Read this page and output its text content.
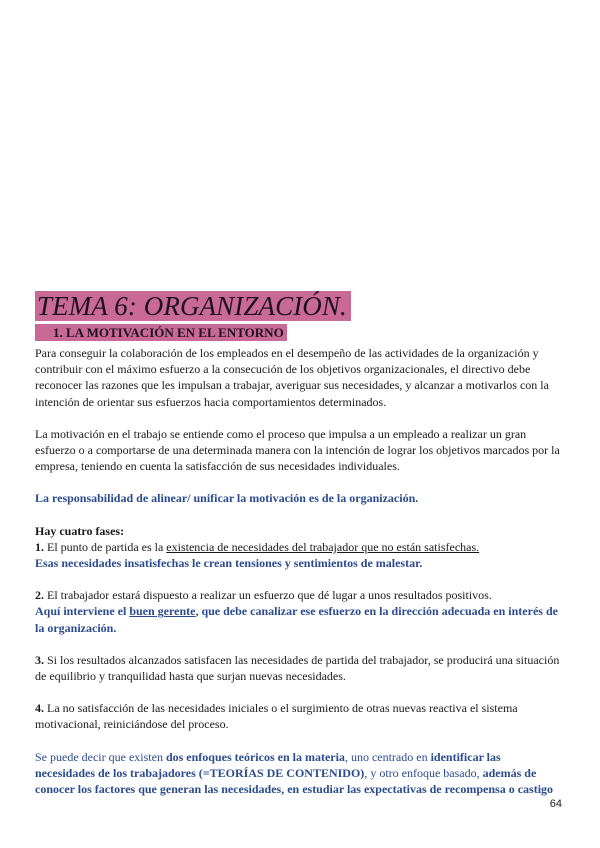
TEMA 6: ORGANIZACIÓN.
1. LA MOTIVACIÓN EN EL ENTORNO

Para conseguir la colaboración de los empleados en el desempeño de las actividades de la organización y contribuir con el máximo esfuerzo a la consecución de los objetivos organizacionales, el directivo debe reconocer las razones que les impulsan a trabajar, averiguar sus necesidades, y alcanzar a motivarlos con la intención de orientar sus esfuerzos hacia comportamientos determinados.

La motivación en el trabajo se entiende como el proceso que impulsa a un empleado a realizar un gran esfuerzo o a comportarse de una determinada manera con la intención de lograr los objetivos marcados por la empresa, teniendo en cuenta la satisfacción de sus necesidades individuales.

La responsabilidad de alinear/ unificar la motivación es de la organización.

Hay cuatro fases:

1. El punto de partida es la existencia de necesidades del trabajador que no están satisfechas.

Esas necesidades insatisfechas le crean tensiones y sentimientos de malestar.

2. El trabajador estará dispuesto a realizar un esfuerzo que dé lugar a unos resultados positivos.

Aquí interviene el buen gerente, que debe canalizar ese esfuerzo en la dirección adecuada en interés de la organización.

3. Si los resultados alcanzados satisfacen las necesidades de partida del trabajador, se producirá una situación de equilibrio y tranquilidad hasta que surjan nuevas necesidades.

4. La no satisfacción de las necesidades iniciales o el surgimiento de otras nuevas reactiva el sistema motivacional, reiniciándose del proceso.

Se puede decir que existen dos enfoques teóricos en la materia, uno centrado en identificar las necesidades de los trabajadores (=TEORÍAS DE CONTENIDO), y otro enfoque basado, además de conocer los factores que generan las necesidades, en estudiar las expectativas de recompensa o castigo

64
